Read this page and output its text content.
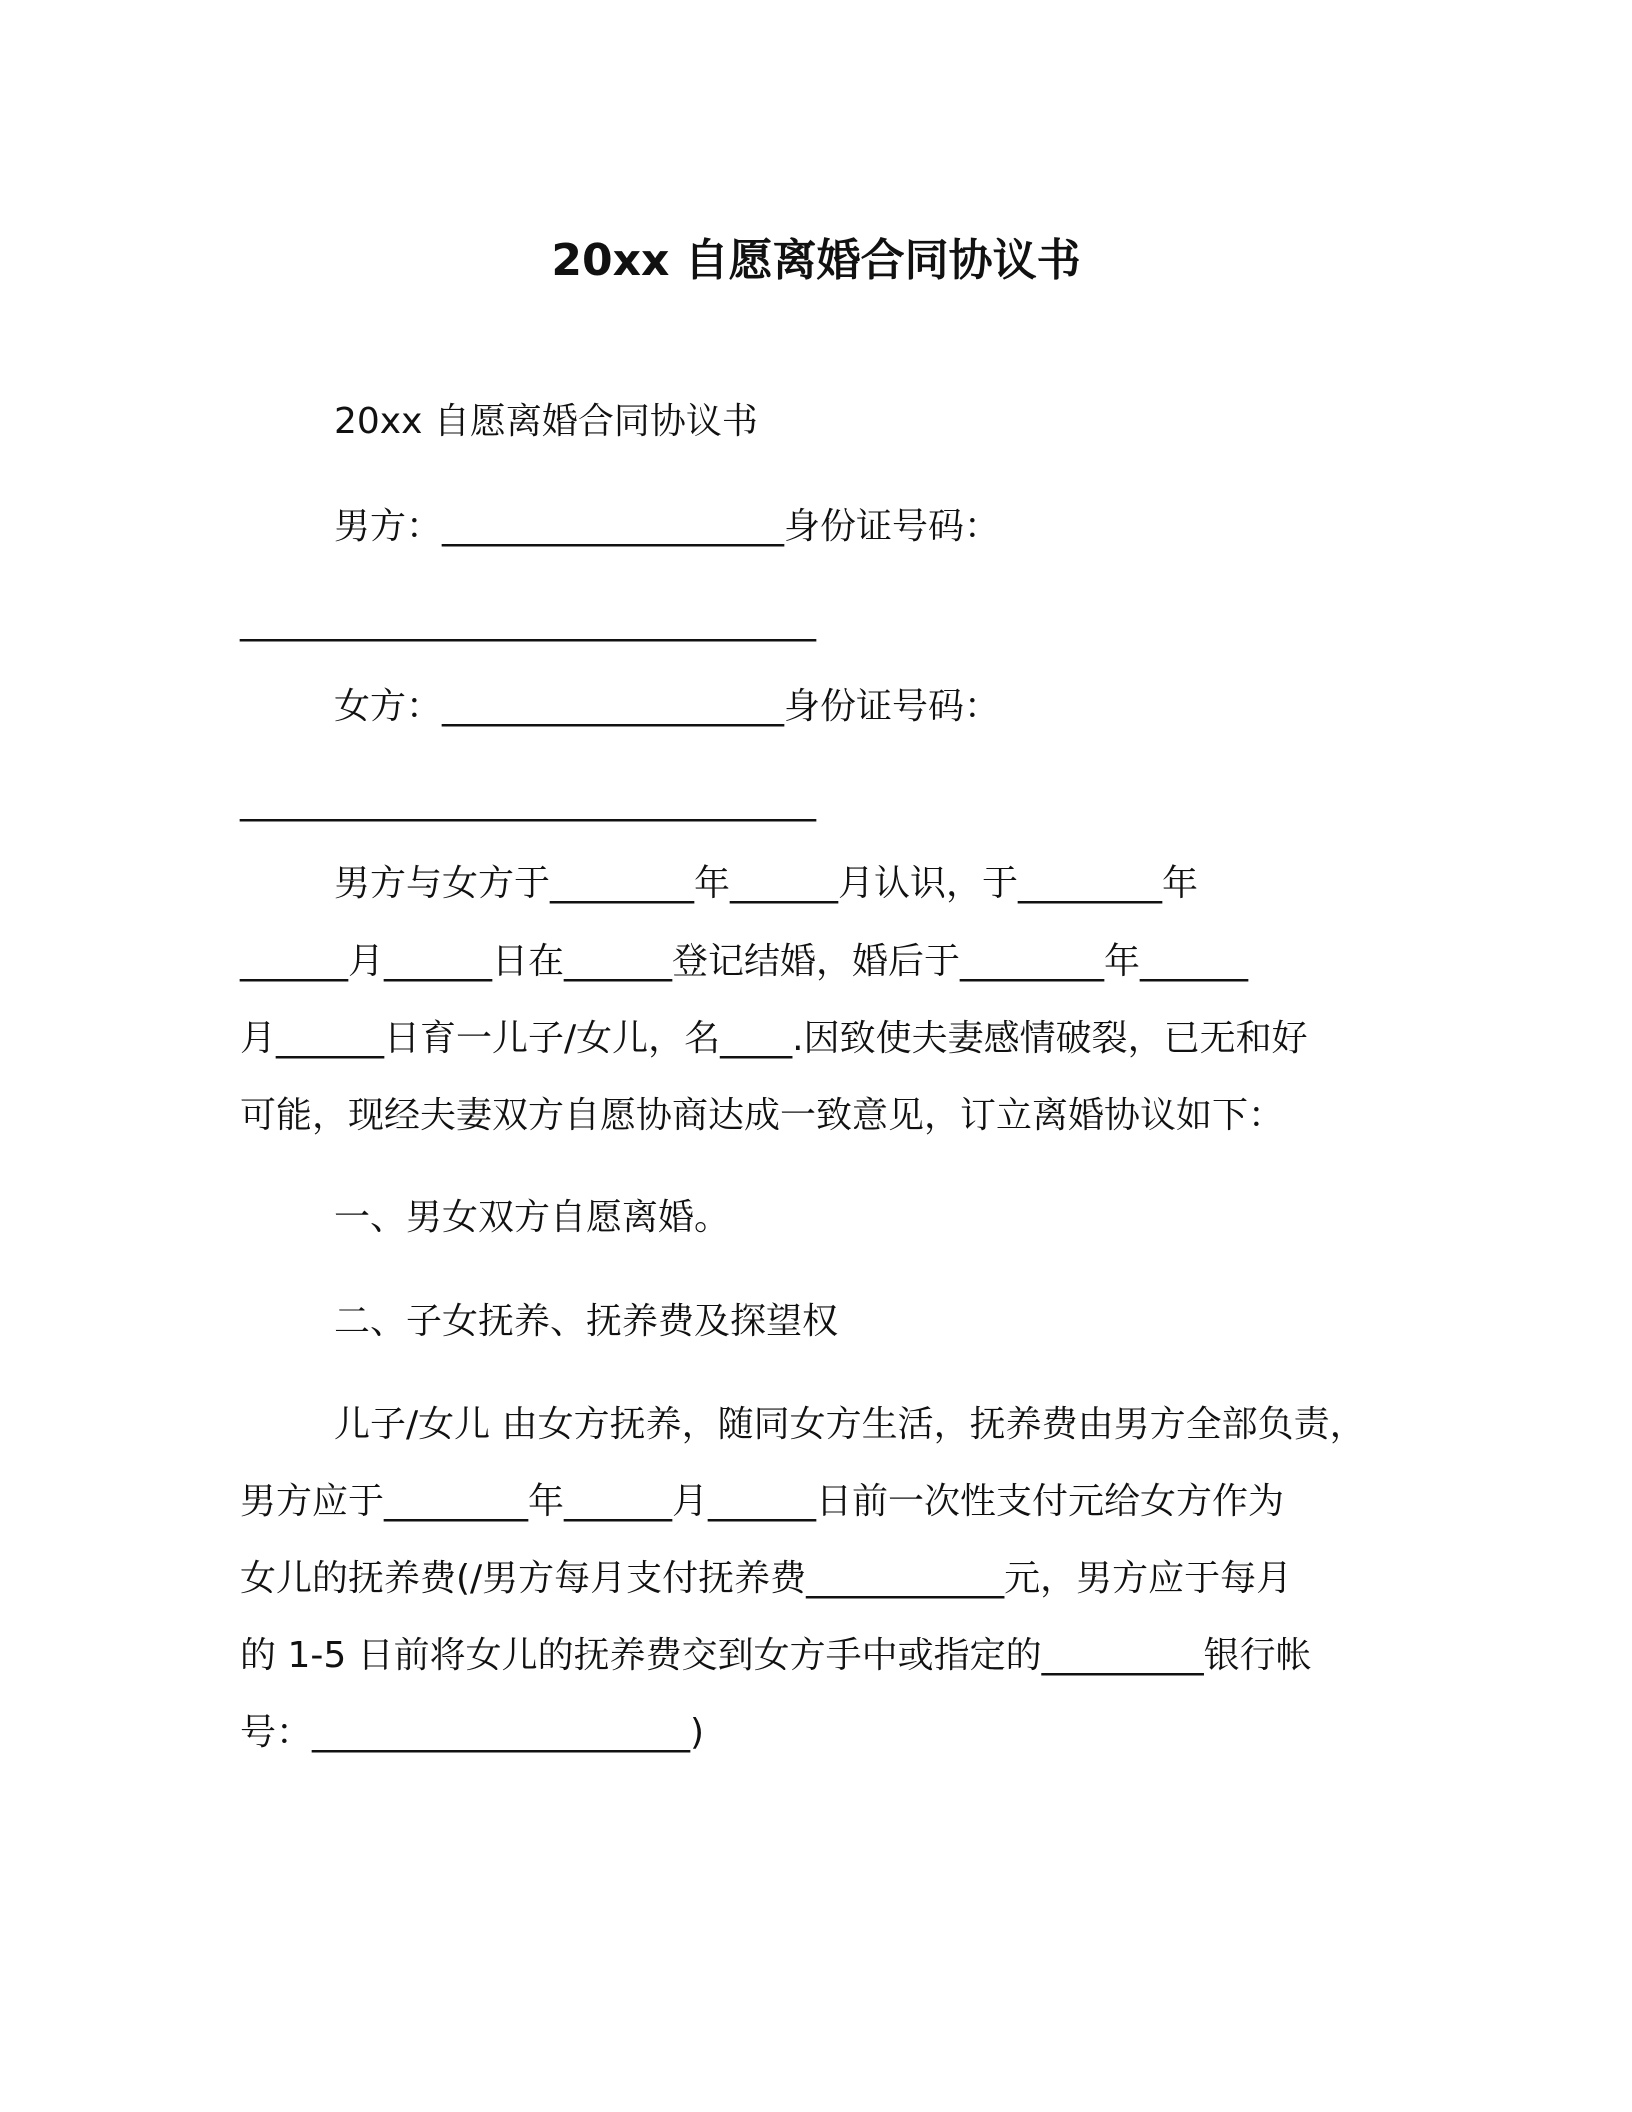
20xx 自愿离婚合同协议书
20xx 自愿离婚合同协议书
男方：___________________身份证号码：
________________________________
女方：___________________身份证号码：
________________________________
男方与女方于________年______月认识，于________年
______月______日在______登记结婚，婚后于________年______
月______日育一儿子/女儿，名____.因致使夫妻感情破裂，已无和好
可能，现经夫妻双方自愿协商达成一致意见，订立离婚协议如下：
一、男女双方自愿离婚。
二、子女抚养、抚养费及探望权
儿子/女儿 由女方抚养，随同女方生活，抚养费由男方全部负责，
男方应于________年______月______日前一次性支付元给女方作为
女儿的抚养费(/男方每月支付抚养费___________元，男方应于每月
的 1-5 日前将女儿的抚养费交到女方手中或指定的_________银行帐
号：_____________________)
